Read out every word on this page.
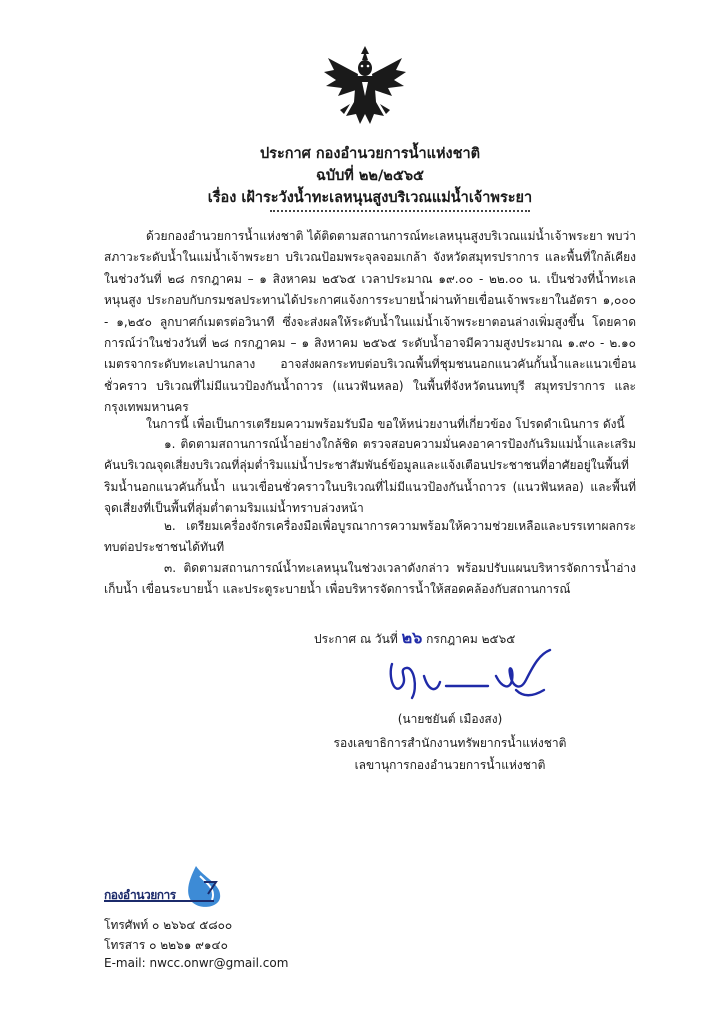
ประกาศ กองอำนวยการน้ำแห่งชาติ
ฉบับที่ ๒๒/๒๕๖๕
เรื่อง เฝ้าระวังน้ำทะเลหนุนสูงบริเวณแม่น้ำเจ้าพระยา
ด้วยกองอำนวยการน้ำแห่งชาติ ได้ติดตามสถานการณ์ทะเลหนุนสูงบริเวณแม่น้ำเจ้าพระยา พบว่าสภาวะระดับน้ำในแม่น้ำเจ้าพระยา บริเวณป้อมพระจุลจอมเกล้า จังหวัดสมุทรปราการ และพื้นที่ใกล้เคียง ในช่วงวันที่ ๒๘ กรกฎาคม – ๑ สิงหาคม ๒๕๖๕ เวลาประมาณ ๑๙.๐๐ - ๒๒.๐๐ น. เป็นช่วงที่น้ำทะเลหนุนสูง ประกอบกับกรมชลประทานได้ประกาศแจ้งการระบายน้ำผ่านท้ายเขื่อนเจ้าพระยาในอัตรา ๑,๐๐๐ - ๑,๒๕๐ ลูกบาศก์เมตรต่อวินาที ซึ่งจะส่งผลให้ระดับน้ำในแม่น้ำเจ้าพระยาตอนล่างเพิ่มสูงขึ้น โดยคาดการณ์ว่าในช่วงวันที่ ๒๘ กรกฎาคม – ๑ สิงหาคม ๒๕๖๕ ระดับน้ำอาจมีความสูงประมาณ ๑.๙๐ - ๒.๑๐ เมตรจากระดับทะเลปานกลาง อาจส่งผลกระทบต่อบริเวณพื้นที่ชุมชนนอกแนวคันกั้นน้ำและแนวเขื่อนชั่วคราว บริเวณที่ไม่มีแนวป้องกันน้ำถาวร (แนวฟันหลอ) ในพื้นที่จังหวัดนนทบุรี สมุทรปราการ และกรุงเทพมหานคร
ในการนี้ เพื่อเป็นการเตรียมความพร้อมรับมือ ขอให้หน่วยงานที่เกี่ยวข้อง โปรดดำเนินการ ดังนี้
๑. ติดตามสถานการณ์น้ำอย่างใกล้ชิด ตรวจสอบความมั่นคงอาคารป้องกันริมแม่น้ำและเสริมคันบริเวณจุดเสี่ยงบริเวณที่ลุ่มต่ำริมแม่น้ำประชาสัมพันธ์ข้อมูลและแจ้งเตือนประชาชนที่อาศัยอยู่ในพื้นที่ริมน้ำนอกแนวคันกั้นน้ำ แนวเขื่อนชั่วคราวในบริเวณที่ไม่มีแนวป้องกันน้ำถาวร (แนวฟันหลอ) และพื้นที่จุดเสี่ยงที่เป็นพื้นที่ลุ่มต่ำตามริมแม่น้ำทราบล่วงหน้า
๒. เตรียมเครื่องจักรเครื่องมือเพื่อบูรณาการความพร้อมให้ความช่วยเหลือและบรรเทาผลกระทบต่อประชาชนได้ทันที
๓. ติดตามสถานการณ์น้ำทะเลหนุนในช่วงเวลาดังกล่าว พร้อมปรับแผนบริหารจัดการน้ำอ่างเก็บน้ำ เขื่อนระบายน้ำ และประตูระบายน้ำ เพื่อบริหารจัดการน้ำให้สอดคล้องกับสถานการณ์
ประกาศ ณ วันที่ ๒๖ กรกฎาคม ๒๕๖๕
(นายชยันต์ เมืองสง)
รองเลขาธิการสำนักงานทรัพยากรน้ำแห่งชาติ
เลขานุการกองอำนวยการน้ำแห่งชาติ
กองอำนวยการ
โทรศัพท์ ๐ ๒๖๖๔ ๕๘๐๐
โทรสาร ๐ ๒๒๖๑ ๙๑๔๐
E-mail: nwcc.onwr@gmail.com
